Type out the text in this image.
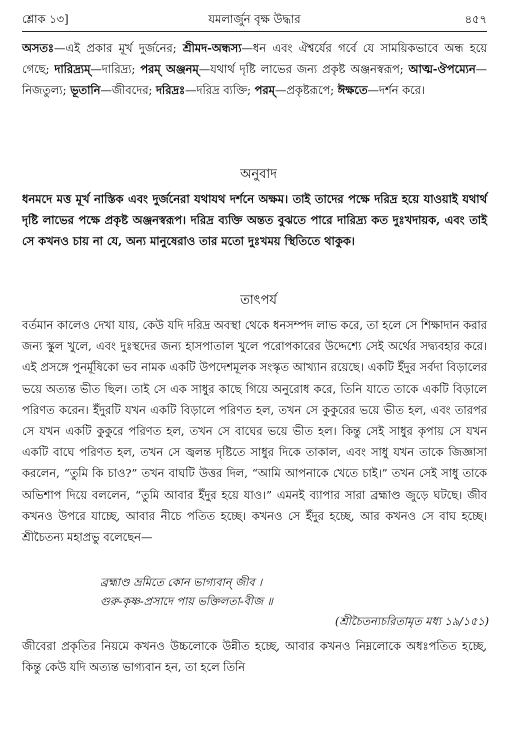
শ্লোক ১৩]	যমলার্জুন বৃক্ষ উদ্ধার	৪৫৭

অসতঃ—এই প্রকার মূর্খ দুর্জনের; শ্রীমদ-অন্ধস্য—ধন এবং ঐশ্বর্যের গর্বে যে সাময়িকভাবে অন্ধ হয়ে গেছে; দারিদ্র্যম্—দারিদ্র্য; পরম্ অঞ্জনম্—যথার্থ দৃষ্টি লাভের জন্য প্রকৃষ্ট অঞ্জনস্বরূপ; আত্ম-ঔপম্যেন—নিজতুল্য; ভূতানি—জীবদের; দরিদ্রঃ—দরিদ্র ব্যক্তি; পরম্—প্রকৃষ্টরূপে; ঈক্ষতে—দর্শন করে।

অনুবাদ

ধনমদে মত্ত মূর্খ নাস্তিক এবং দুর্জনেরা যথাযথ দর্শনে অক্ষম। তাই তাদের পক্ষে দরিদ্র হয়ে যাওয়াই যথার্থ দৃষ্টি লাভের পক্ষে প্রকৃষ্ট অঞ্জনস্বরূপ। দরিদ্র ব্যক্তি অন্তত বুঝতে পারে দারিদ্র্য কত দুঃখদায়ক, এবং তাই সে কখনও চায় না যে, অন্য মানুষেরাও তার মতো দুঃখময় স্থিতিতে থাকুক।

তাৎপর্য

বর্তমান কালেও দেখা যায়, কেউ যদি দরিদ্র অবস্থা থেকে ধনসম্পদ লাভ করে, তা হলে সে শিক্ষাদান করার জন্য স্কুল খুলে, এবং দুঃস্থদের জন্য হাসপাতাল খুলে পরোপকারের উদ্দেশ্যে সেই অর্থের সদ্ব্যবহার করে। এই প্রসঙ্গে পুনর্মূষিকো ভব নামক একটি উপদেশমূলক সংস্কৃত আখ্যান রয়েছে। একটি ইঁদুর সর্বদা বিড়ালের ভয়ে অত্যন্ত ভীত ছিল। তাই সে এক সাধুর কাছে গিয়ে অনুরোধ করে, তিনি যাতে তাকে একটি বিড়ালে পরিণত করেন। ইঁদুরটি যখন একটি বিড়ালে পরিণত হল, তখন সে কুকুরের ভয়ে ভীত হল, এবং তারপর সে যখন একটি কুকুরে পরিণত হল, তখন সে বাঘের ভয়ে ভীত হল। কিন্তু সেই সাধুর কৃপায় সে যখন একটি বাঘে পরিণত হল, তখন সে জ্বলন্ত দৃষ্টিতে সাধুর দিকে তাকাল, এবং সাধু যখন তাকে জিজ্ঞাসা করলেন, “তুমি কি চাও?” তখন বাঘটি উত্তর দিল, “আমি আপনাকে খেতে চাই।” তখন সেই সাধু তাকে অভিশাপ দিয়ে বললেন, “তুমি আবার ইঁদুর হয়ে যাও।” এমনই ব্যাপার সারা ব্রহ্মাণ্ড জুড়ে ঘটছে। জীব কখনও উপরে যাচ্ছে, আবার নীচে পতিত হচ্ছে। কখনও সে ইঁদুর হচ্ছে, আর কখনও সে বাঘ হচ্ছে। শ্রীচৈতন্য মহাপ্রভু বলেছেন—

ব্রহ্মাণ্ড ভ্রমিতে কোন ভাগ্যবান্ জীব ।
গুরু-কৃষ্ণ-প্রসাদে পায় ভক্তিলতা-বীজ ॥
(শ্রীচৈতন্যচরিতামৃত মধ্য ১৯/১৫১)

জীবেরা প্রকৃতির নিয়মে কখনও উচ্চলোকে উন্নীত হচ্ছে, আবার কখনও নিম্নলোকে অধঃপতিত হচ্ছে, কিন্তু কেউ যদি অত্যন্ত ভাগ্যবান হন, তা হলে তিনি
